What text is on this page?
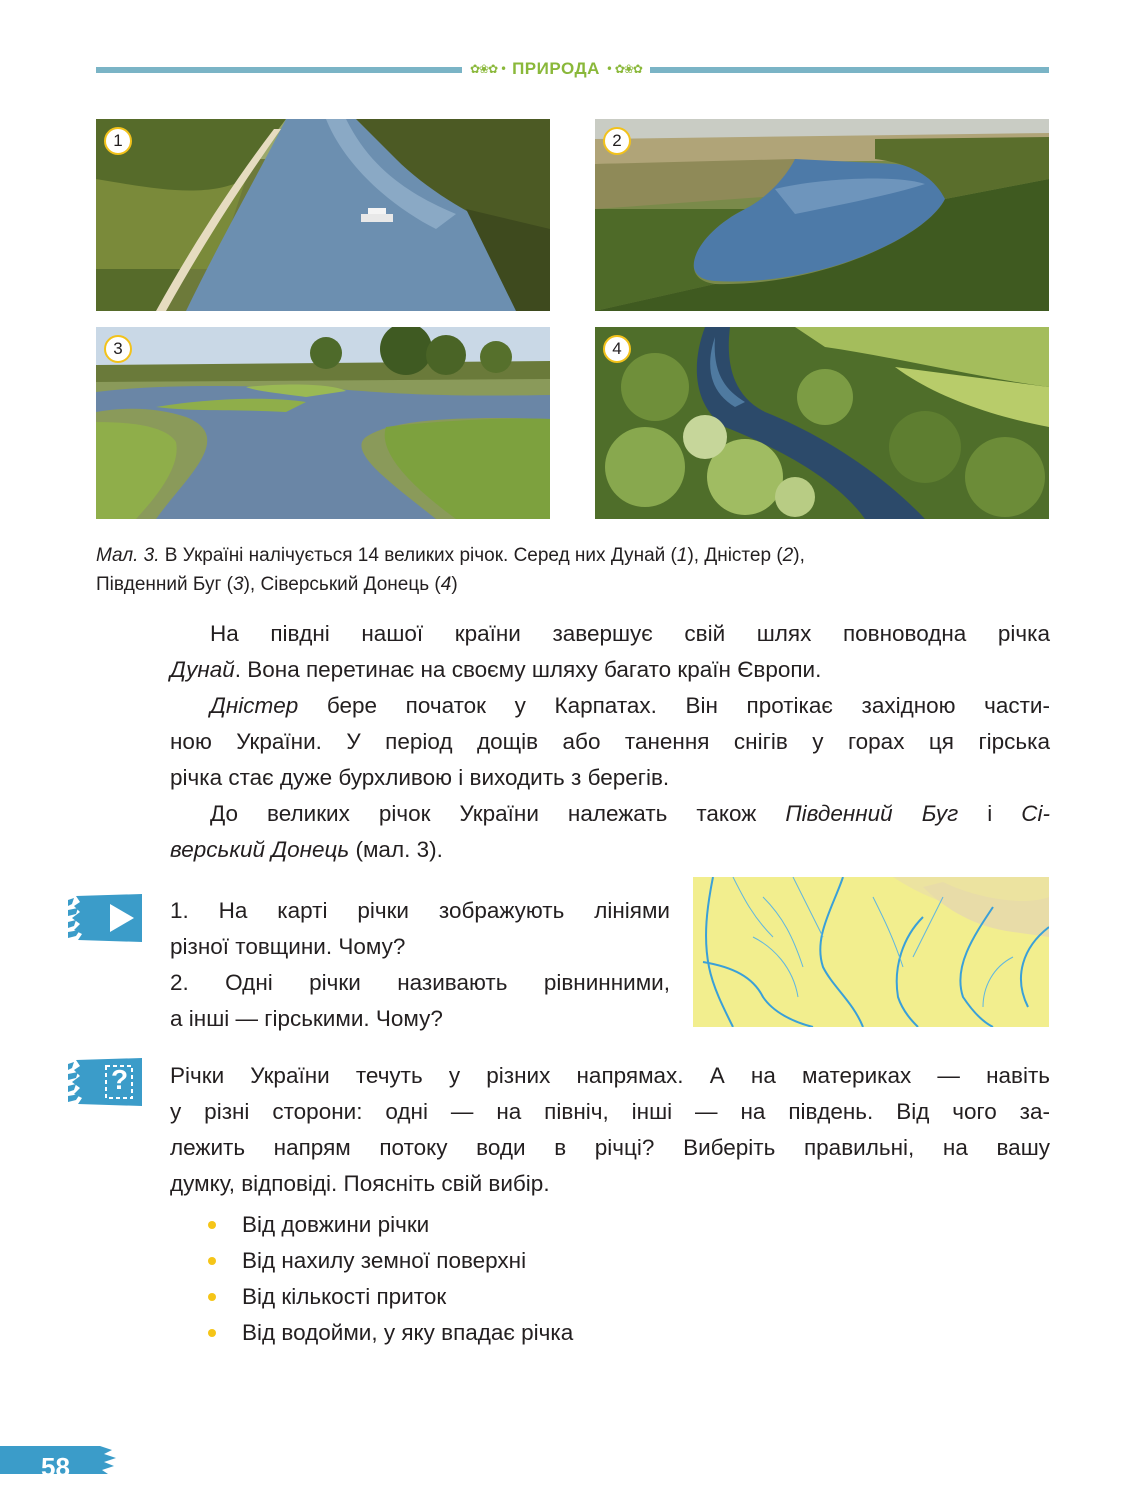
✿❀✿ • ПРИРОДА • ✿❀✿
1	2
3	4
Мал. 3. В Україні налічується 14 великих річок. Серед них Дунай (1), Дністер (2),
Південний Буг (3), Сіверський Донець (4)

На півдні нашої країни завершує свій шлях повноводна річка

Дунай. Вона перетинає на своєму шляху багато країн Європи.

Дністер бере початок у Карпатах. Він протікає західною части-

ною України. У період дощів або танення снігів у горах ця гірська

річка стає дуже бурхливою і виходить з берегів.

До великих річок України належать також Південний Буг і Сі-

верський Донець (мал. 3).

1. На карті річки зображують лініями

різної товщини. Чому?

2. Одні річки називають рівнинними,

а інші — гірськими. Чому?

? Річки України течуть у різних напрямах. А на материках — навіть

у різні сторони: одні — на північ, інші — на південь. Від чого за-

лежить напрям потоку води в річці? Виберіть правильні, на вашу

думку, відповіді. Поясніть свій вибір.

Від довжини річки
Від нахилу земної поверхні
Від кількості приток
Від водойми, у яку впадає річка
58
